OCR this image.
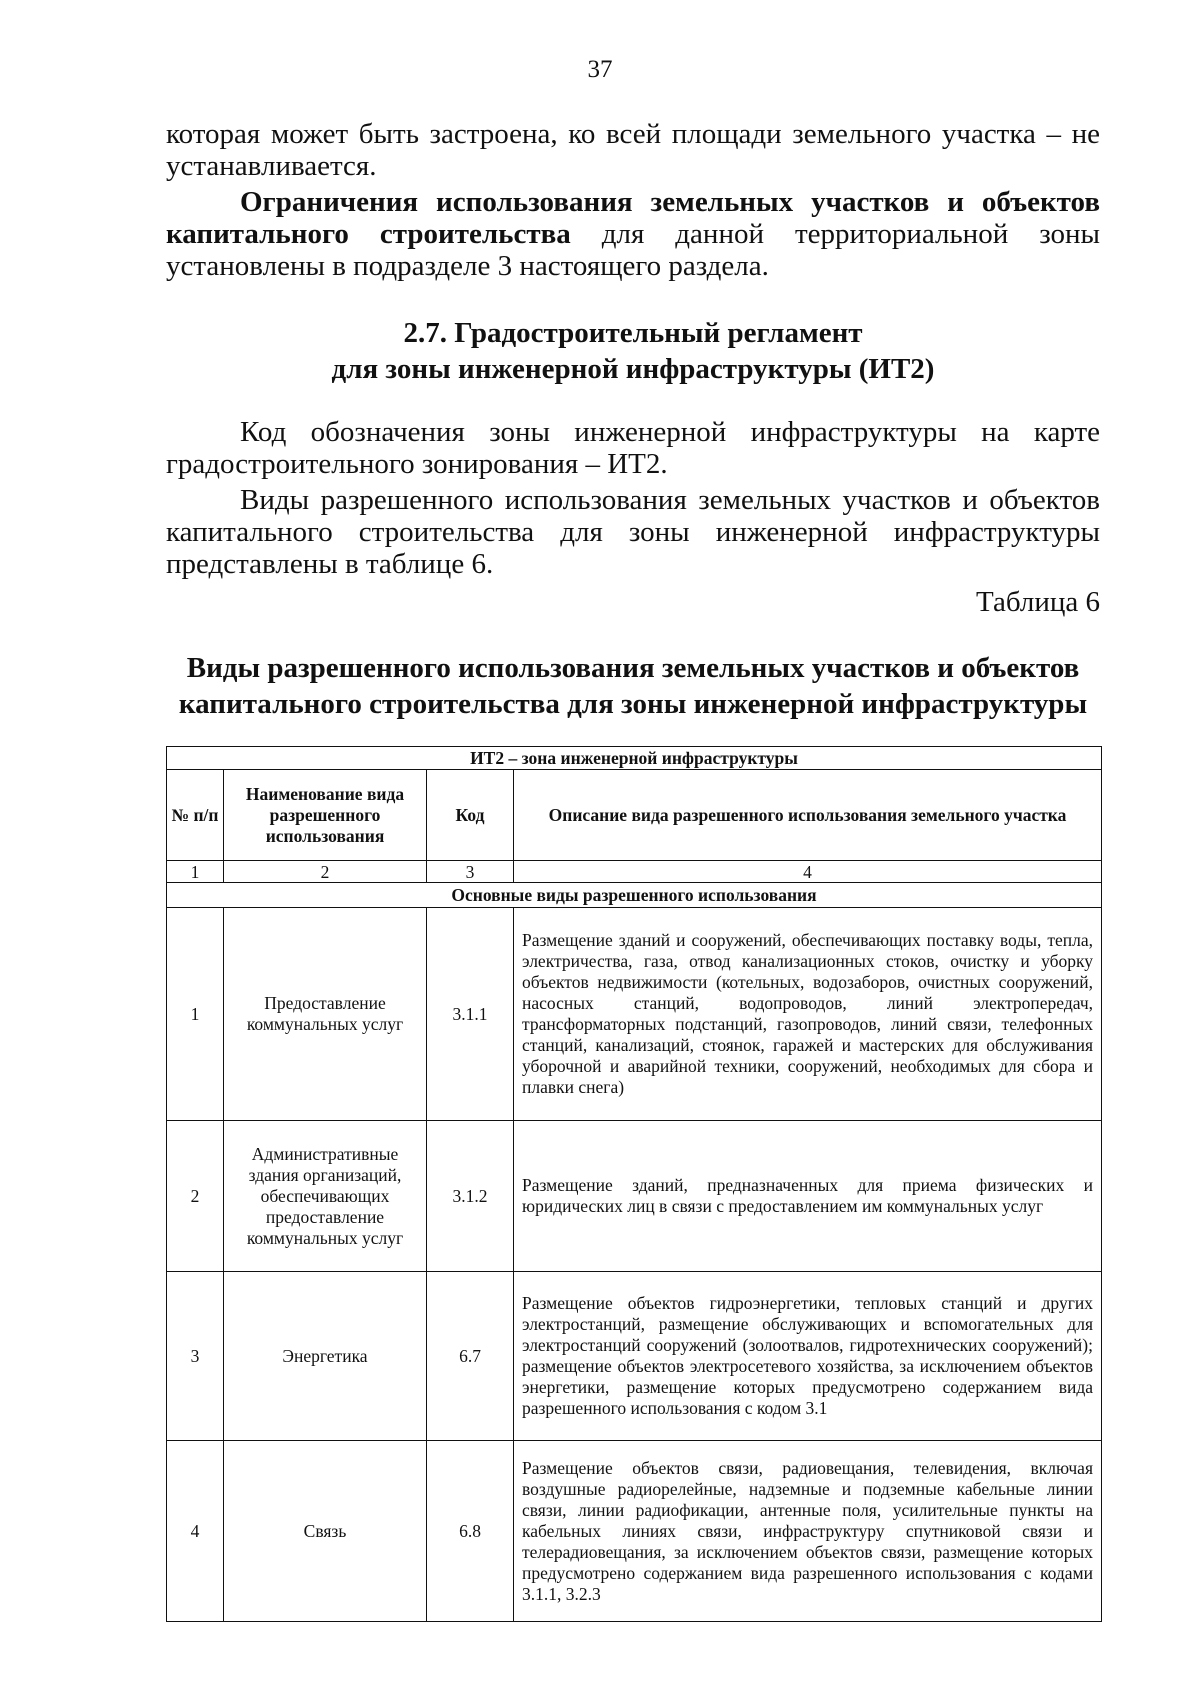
37
которая может быть застроена, ко всей площади земельного участка – не устанавливается.
Ограничения использования земельных участков и объектов капитального строительства для данной территориальной зоны установлены в подразделе 3 настоящего раздела.
2.7. Градостроительный регламент
для зоны инженерной инфраструктуры (ИТ2)
Код обозначения зоны инженерной инфраструктуры на карте градостроительного зонирования – ИТ2.
Виды разрешенного использования земельных участков и объектов капитального строительства для зоны инженерной инфраструктуры представлены в таблице 6.
Таблица 6
Виды разрешенного использования земельных участков и объектов
капитального строительства для зоны инженерной инфраструктуры
ИТ2 – зона инженерной инфраструктуры			
№ п/п	Наименование вида разрешенного использования	Код	Описание вида разрешенного использования земельного участка
1	2	3	4
Основные виды разрешенного использования			
1	Предоставление коммунальных услуг	3.1.1	Размещение зданий и сооружений, обеспечивающих поставку воды, тепла, электричества, газа, отвод канализационных стоков, очистку и уборку объектов недвижимости (котельных, водозаборов, очистных сооружений, насосных станций, водопроводов, линий электропередач, трансформаторных подстанций, газопроводов, линий связи, телефонных станций, канализаций, стоянок, гаражей и мастерских для обслуживания уборочной и аварийной техники, сооружений, необходимых для сбора и плавки снега)
2	Административные здания организаций, обеспечивающих предоставление коммунальных услуг	3.1.2	Размещение зданий, предназначенных для приема физических и юридических лиц в связи с предоставлением им коммунальных услуг
3	Энергетика	6.7	Размещение объектов гидроэнергетики, тепловых станций и других электростанций, размещение обслуживающих и вспомогательных для электростанций сооружений (золоотвалов, гидротехнических сооружений); размещение объектов электросетевого хозяйства, за исключением объектов энергетики, размещение которых предусмотрено содержанием вида разрешенного использования с кодом 3.1
4	Связь	6.8	Размещение объектов связи, радиовещания, телевидения, включая воздушные радиорелейные, надземные и подземные кабельные линии связи, линии радиофикации, антенные поля, усилительные пункты на кабельных линиях связи, инфраструктуру спутниковой связи и телерадиовещания, за исключением объектов связи, размещение которых предусмотрено содержанием вида разрешенного использования с кодами 3.1.1, 3.2.3
